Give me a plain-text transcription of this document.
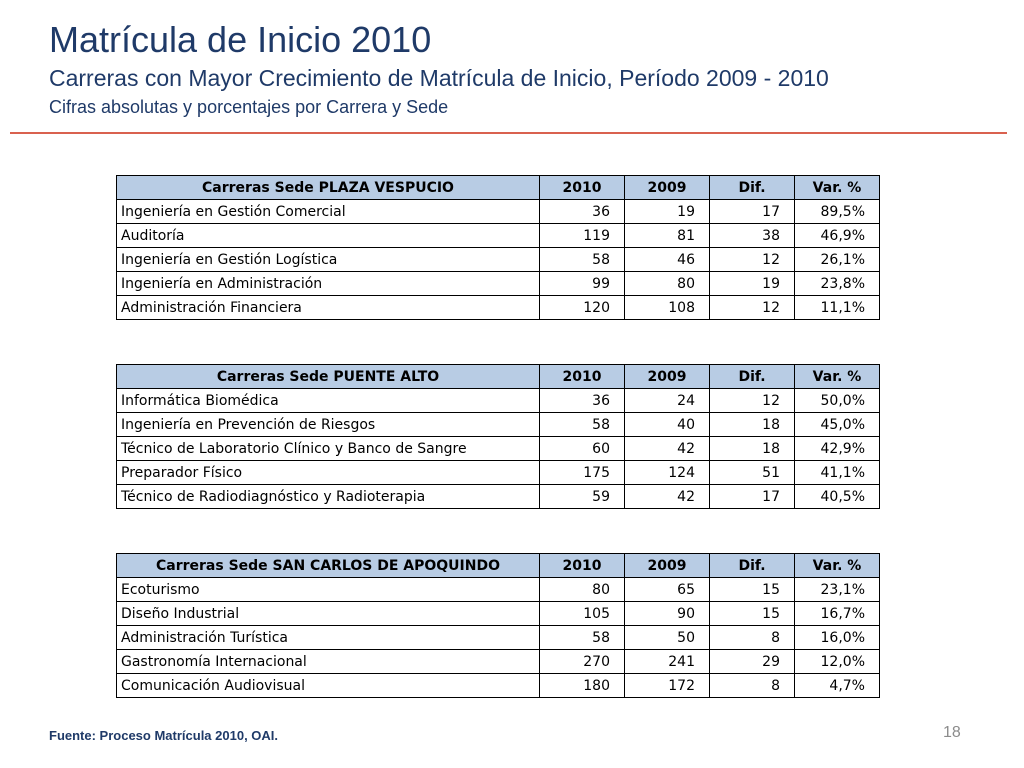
Matrícula de Inicio 2010

Carreras con Mayor Crecimiento de Matrícula de Inicio, Período 2009 - 2010

Cifras absolutas y porcentajes por Carrera y Sede

Carreras Sede PLAZA VESPUCIO	2010	2009	Dif.	Var. %
Ingeniería en Gestión Comercial	36	19	17	89,5%
Auditoría	119	81	38	46,9%
Ingeniería en Gestión Logística	58	46	12	26,1%
Ingeniería en Administración	99	80	19	23,8%
Administración Financiera	120	108	12	11,1%
Carreras Sede PUENTE ALTO	2010	2009	Dif.	Var. %
Informática Biomédica	36	24	12	50,0%
Ingeniería en Prevención de Riesgos	58	40	18	45,0%
Técnico de Laboratorio Clínico y Banco de Sangre	60	42	18	42,9%
Preparador Físico	175	124	51	41,1%
Técnico de Radiodiagnóstico y Radioterapia	59	42	17	40,5%
Carreras Sede SAN CARLOS DE APOQUINDO	2010	2009	Dif.	Var. %
Ecoturismo	80	65	15	23,1%
Diseño Industrial	105	90	15	16,7%
Administración Turística	58	50	8	16,0%
Gastronomía Internacional	270	241	29	12,0%
Comunicación Audiovisual	180	172	8	4,7%

Fuente: Proceso Matrícula 2010, OAI.	18
